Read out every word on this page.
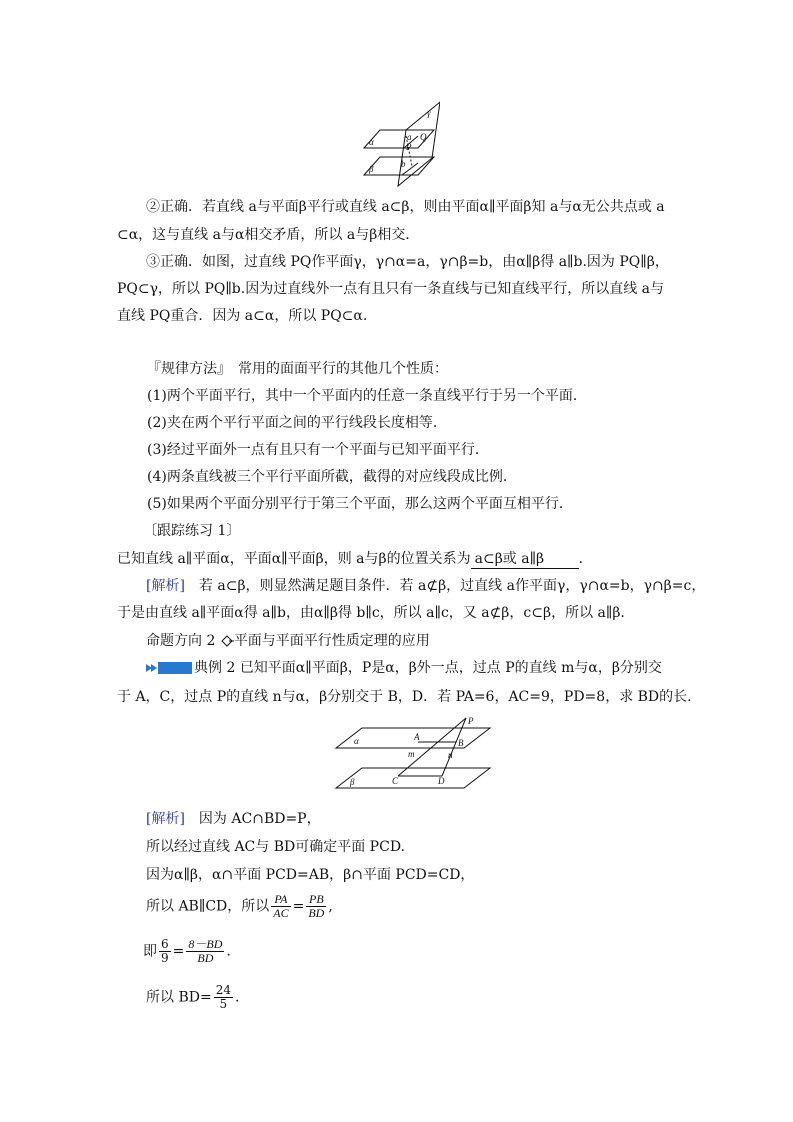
α
β
γ
a
b
P
Q
②正确．若直线 a与平面β平行或直线 a⊂β，则由平面α∥平面β知 a与α无公共点或 a
⊂α，这与直线 a与α相交矛盾，所以 a与β相交．
③正确．如图，过直线 PQ作平面γ，γ∩α=a，γ∩β=b，由α∥β得 a∥b.因为 PQ∥β，
PQ⊂γ，所以 PQ∥b.因为过直线外一点有且只有一条直线与已知直线平行，所以直线 a与
直线 PQ重合．因为 a⊂α，所以 PQ⊂α.
『规律方法』　常用的面面平行的其他几个性质：
(1)两个平面平行，其中一个平面内的任意一条直线平行于另一个平面．
(2)夹在两个平行平面之间的平行线段长度相等．
(3)经过平面外一点有且只有一个平面与已知平面平行．
(4)两条直线被三个平行平面所截，截得的对应线段成比例．
(5)如果两个平面分别平行于第三个平面，那么这两个平面互相平行．
〔跟踪练习 1〕
已知直线 a∥平面α，平面α∥平面β，则 a与β的位置关系为 a⊂β或 a∥β ．
[解析]　若 a⊂β，则显然满足题目条件．若 a⊄β，过直线 a作平面γ，γ∩α=b，γ∩β=c，
于是由直线 a∥平面α得 a∥b，由α∥β得 b∥c，所以 a∥c，又 a⊄β，c⊂β，所以 a∥β.
命题方向 2 平面与平面平行性质定理的应用
典例 2 已知平面α∥平面β，P是α，β外一点，过点 P的直线 m与α，β分别交
于 A，C，过点 P的直线 n与α，β分别交于 B，D．若 PA=6，AC=9，PD=8，求 BD的长.
P
A
B
C	D
m	n
α
β
[解析]　因为 AC∩BD=P，
所以经过直线 AC与 BD可确定平面 PCD.
因为α∥β，α∩平面 PCD=AB，β∩平面 PCD=CD，
所以 AB∥CD，所以 $\frac{PA}{AC} = \frac{PB}{BD}$ ,
即 $\frac{6}{9} = \frac{8-BD}{BD}$ .
所以 $BD= \frac{24}{5}$ .
